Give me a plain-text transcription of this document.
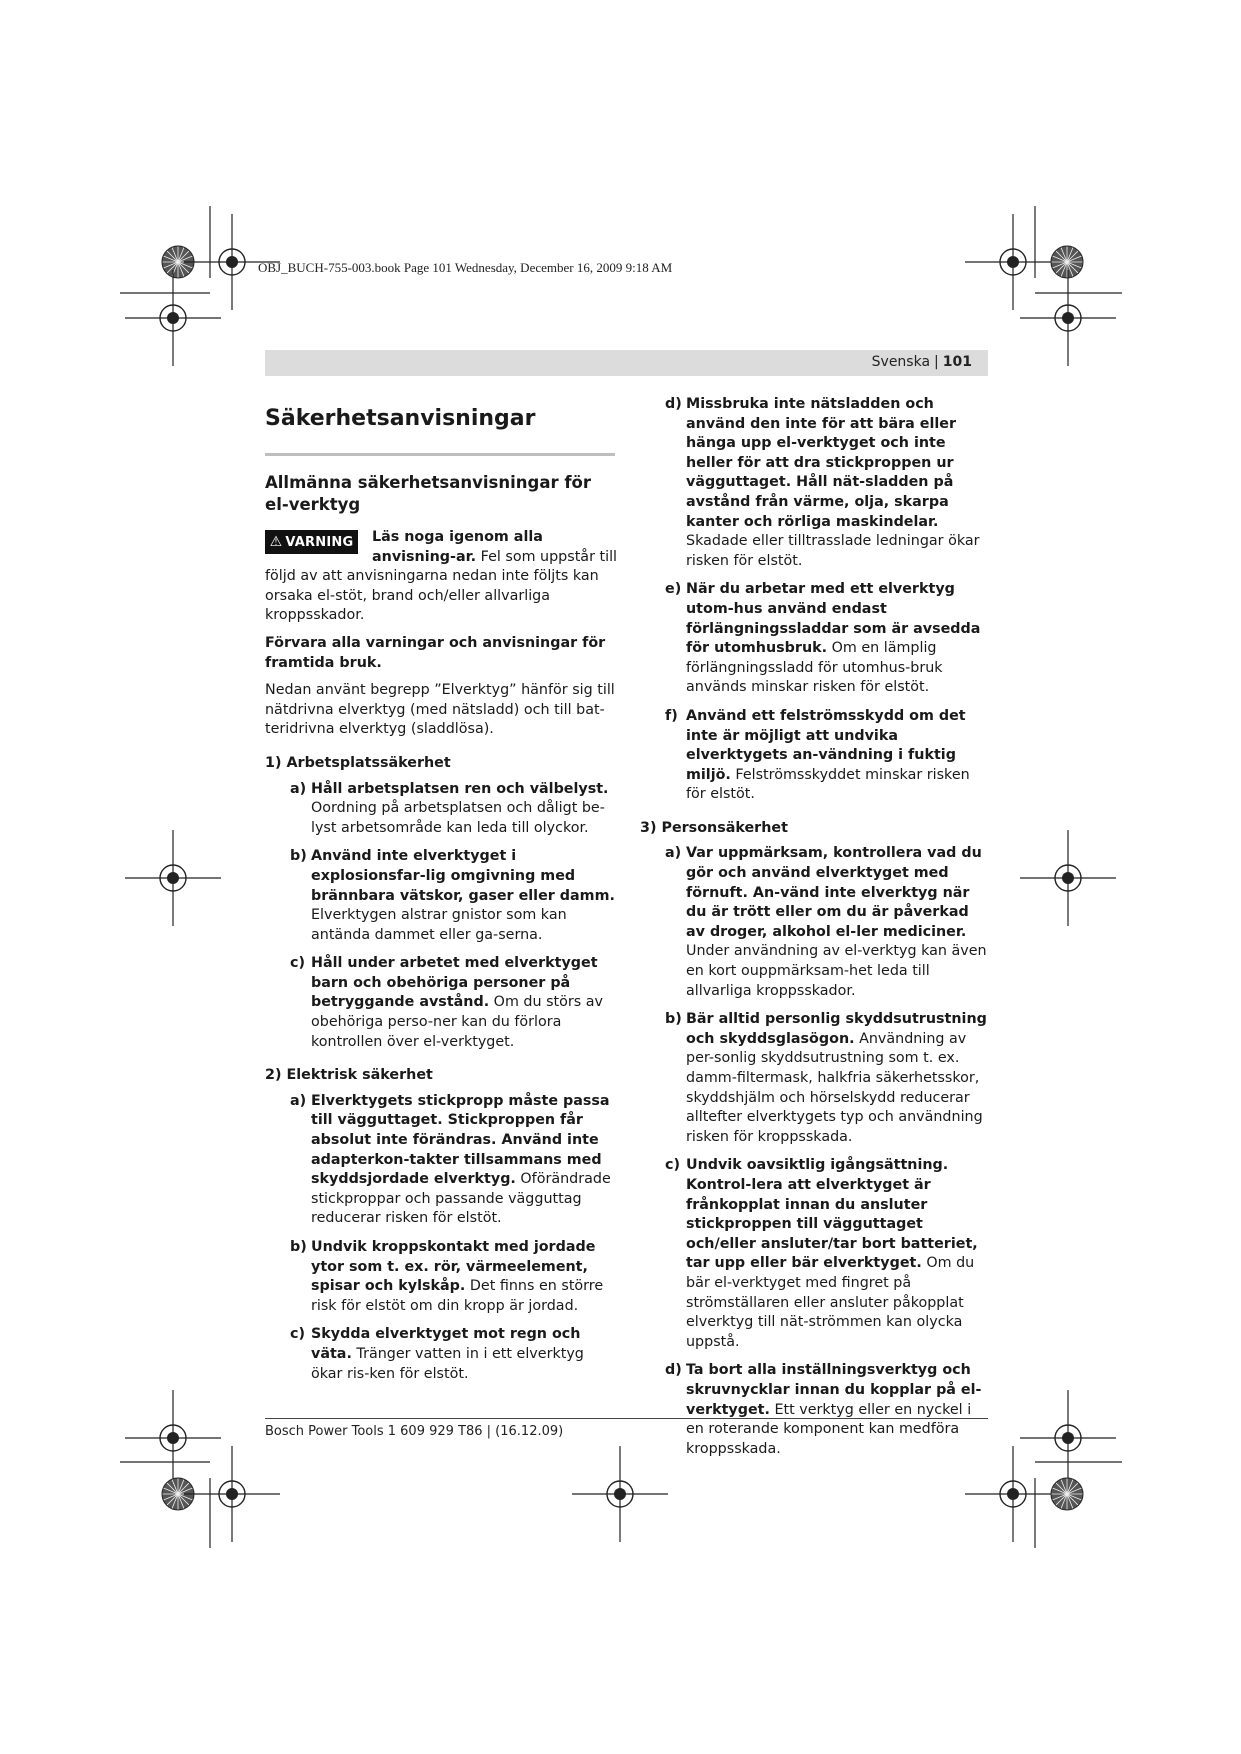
OBJ_BUCH-755-003.book Page 101 Wednesday, December 16, 2009 9:18 AM
Svenska | 101
Säkerhetsanvisningar
Allmänna säkerhetsanvisningar för el-verktyg
⚠ VARNING	Läs noga igenom alla anvisning-ar. Fel som uppstår till följd av att anvisningarna nedan inte följts kan orsaka el-stöt, brand och/eller allvarliga kroppsskador.

Förvara alla varningar och anvisningar för framtida bruk.

Nedan använt begrepp ”Elverktyg” hänför sig till nätdrivna elverktyg (med nätsladd) och till bat-teridrivna elverktyg (sladdlösa).

1) Arbetsplatssäkerhet
a) Håll arbetsplatsen ren och välbelyst. Oordning på arbetsplatsen och dåligt be-lyst arbetsområde kan leda till olyckor.
b) Använd inte elverktyget i explosionsfar-lig omgivning med brännbara vätskor, gaser eller damm. Elverktygen alstrar gnistor som kan antända dammet eller ga-serna.
c) Håll under arbetet med elverktyget barn och obehöriga personer på betryggande avstånd. Om du störs av obehöriga perso-ner kan du förlora kontrollen över el-verktyget.
2) Elektrisk säkerhet
a) Elverktygets stickpropp måste passa till vägguttaget. Stickproppen får absolut inte förändras. Använd inte adapterkon-takter tillsammans med skyddsjordade elverktyg. Oförändrade stickproppar och passande vägguttag reducerar risken för elstöt.
b) Undvik kroppskontakt med jordade ytor som t. ex. rör, värmeelement, spisar och kylskåp. Det finns en större risk för elstöt om din kropp är jordad.
c) Skydda elverktyget mot regn och väta. Tränger vatten in i ett elverktyg ökar ris-ken för elstöt.
d) Missbruka inte nätsladden och använd den inte för att bära eller hänga upp el-verktyget och inte heller för att dra stickproppen ur vägguttaget. Håll nät-sladden på avstånd från värme, olja, skarpa kanter och rörliga maskindelar. Skadade eller tilltrasslade ledningar ökar risken för elstöt.
e) När du arbetar med ett elverktyg utom-hus använd endast förlängningssladdar som är avsedda för utomhusbruk. Om en lämplig förlängningssladd för utomhus-bruk används minskar risken för elstöt.
f) Använd ett felströmsskydd om det inte är möjligt att undvika elverktygets an-vändning i fuktig miljö. Felströmsskyddet minskar risken för elstöt.
3) Personsäkerhet
a) Var uppmärksam, kontrollera vad du gör och använd elverktyget med förnuft. An-vänd inte elverktyg när du är trött eller om du är påverkad av droger, alkohol el-ler mediciner. Under användning av el-verktyg kan även en kort ouppmärksam-het leda till allvarliga kroppsskador.
b) Bär alltid personlig skyddsutrustning och skyddsglasögon. Användning av per-sonlig skyddsutrustning som t. ex. damm-filtermask, halkfria säkerhetsskor, skyddshjälm och hörselskydd reducerar alltefter elverktygets typ och användning risken för kroppsskada.
c) Undvik oavsiktlig igångsättning. Kontrol-lera att elverktyget är frånkopplat innan du ansluter stickproppen till vägguttaget och/eller ansluter/tar bort batteriet, tar upp eller bär elverktyget. Om du bär el-verktyget med fingret på strömställaren eller ansluter påkopplat elverktyg till nät-strömmen kan olycka uppstå.
d) Ta bort alla inställningsverktyg och skruvnycklar innan du kopplar på el-verktyget. Ett verktyg eller en nyckel i en roterande komponent kan medföra kroppsskada.
Bosch Power Tools 1 609 929 T86 | (16.12.09)
